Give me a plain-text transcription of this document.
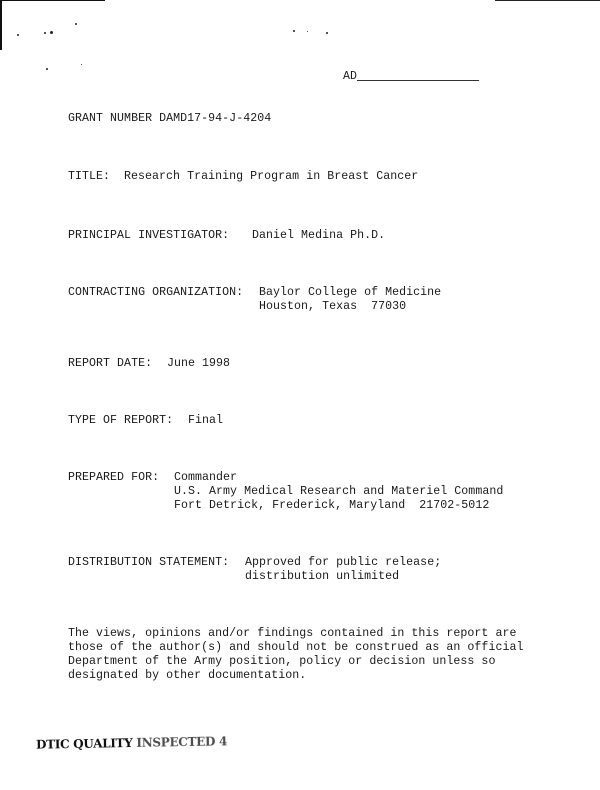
AD
GRANT NUMBER DAMD17-94-J-4204
TITLE: Research Training Program in Breast Cancer
PRINCIPAL INVESTIGATOR: Daniel Medina Ph.D.
CONTRACTING ORGANIZATION: Baylor College of Medicine
Houston, Texas  77030
REPORT DATE: June 1998
TYPE OF REPORT: Final
PREPARED FOR: Commander
U.S. Army Medical Research and Materiel Command
Fort Detrick, Frederick, Maryland  21702-5012
DISTRIBUTION STATEMENT: Approved for public release;
distribution unlimited
The views, opinions and/or findings contained in this report are
those of the author(s) and should not be construed as an official
Department of the Army position, policy or decision unless so
designated by other documentation.
DTIC QUALITY INSPECTED 4
